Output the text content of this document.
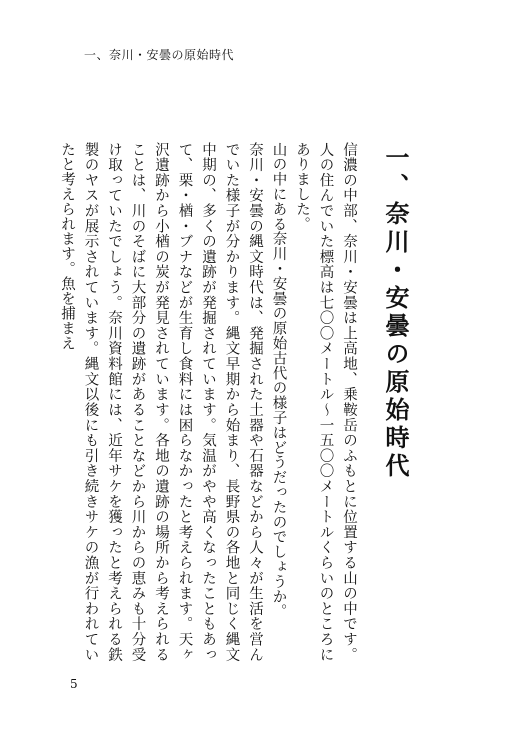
一、奈川・安曇の原始時代
一、奈川・安曇の原始時代

信濃の中部、奈川・安曇は上高地、乗鞍岳のふもとに位置する山の中です。人の住んでいた標高は七〇〇メートル～一五〇〇メートルくらいのところにありました。

山の中にある奈川・安曇の原始古代の様子はどうだったのでしょうか。

奈川・安曇の縄文時代は、発掘された土器や石器などから人々が生活を営んでいた様子が分かります。縄文早期から始まり、長野県の各地と同じく縄文中期の、多くの遺跡が発掘されています。気温がやや高くなったこともあって、栗・楢・ブナなどが生育し食料には困らなかったと考えられます。天ヶ沢遺跡から小楢の炭が発見されています。各地の遺跡の場所から考えられることは、川のそばに大部分の遺跡があることなどから川からの恵みも十分受け取っていたでしょう。奈川資料館には、近年サケを獲ったと考えられる鉄製のヤスが展示されています。縄文以後にも引き続きサケの漁が行われていたと考えられます。魚を捕まえ

5
